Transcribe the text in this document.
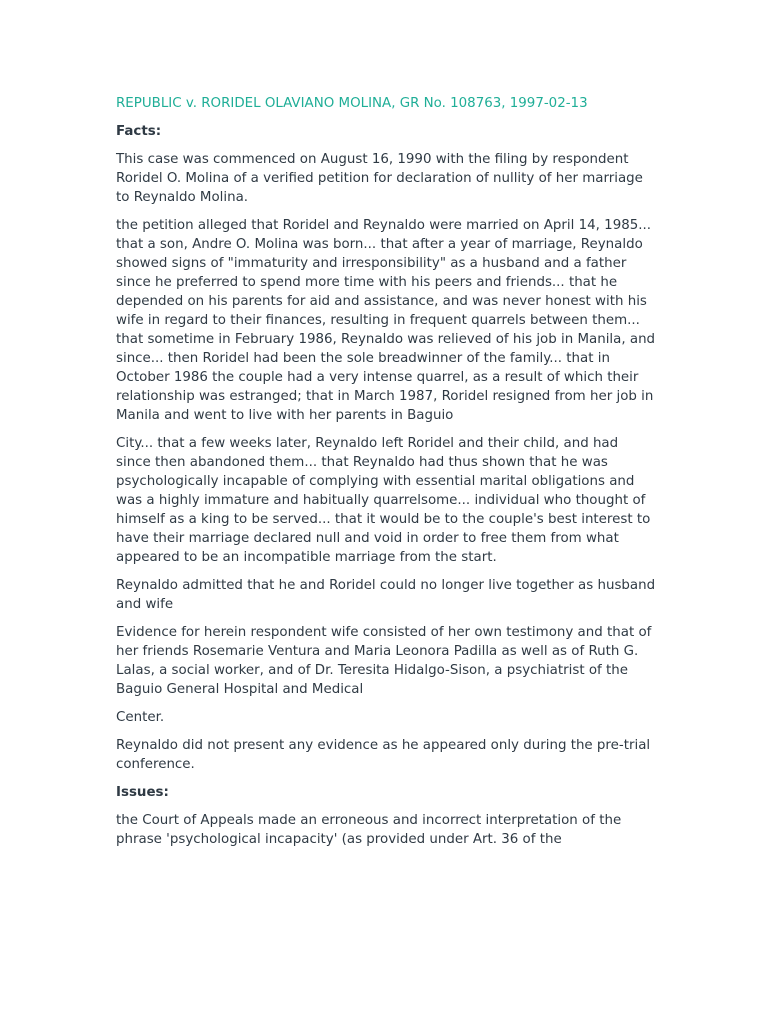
REPUBLIC v. RORIDEL OLAVIANO MOLINA, GR No. 108763, 1997-02-13
Facts:

This case was commenced on August 16, 1990 with the filing by respondent Roridel O. Molina of a verified petition for declaration of nullity of her marriage to Reynaldo Molina.

the petition alleged that Roridel and Reynaldo were married on April 14, 1985... that a son, Andre O. Molina was born... that after a year of marriage, Reynaldo showed signs of "immaturity and irresponsibility" as a husband and a father since he preferred to spend more time with his peers and friends... that he depended on his parents for aid and assistance, and was never honest with his wife in regard to their finances, resulting in frequent quarrels between them... that sometime in February 1986, Reynaldo was relieved of his job in Manila, and since... then Roridel had been the sole breadwinner of the family... that in October 1986 the couple had a very intense quarrel, as a result of which their relationship was estranged; that in March 1987, Roridel resigned from her job in Manila and went to live with her parents in Baguio

City... that a few weeks later, Reynaldo left Roridel and their child, and had since then abandoned them... that Reynaldo had thus shown that he was psychologically incapable of complying with essential marital obligations and was a highly immature and habitually quarrelsome... individual who thought of himself as a king to be served... that it would be to the couple's best interest to have their marriage declared null and void in order to free them from what appeared to be an incompatible marriage from the start.

Reynaldo admitted that he and Roridel could no longer live together as husband and wife

Evidence for herein respondent wife consisted of her own testimony and that of her friends Rosemarie Ventura and Maria Leonora Padilla as well as of Ruth G. Lalas, a social worker, and of Dr. Teresita Hidalgo-Sison, a psychiatrist of the Baguio General Hospital and Medical

Center.

Reynaldo did not present any evidence as he appeared only during the pre-trial conference.

Issues:

the Court of Appeals made an erroneous and incorrect interpretation of the phrase 'psychological incapacity' (as provided under Art. 36 of the
